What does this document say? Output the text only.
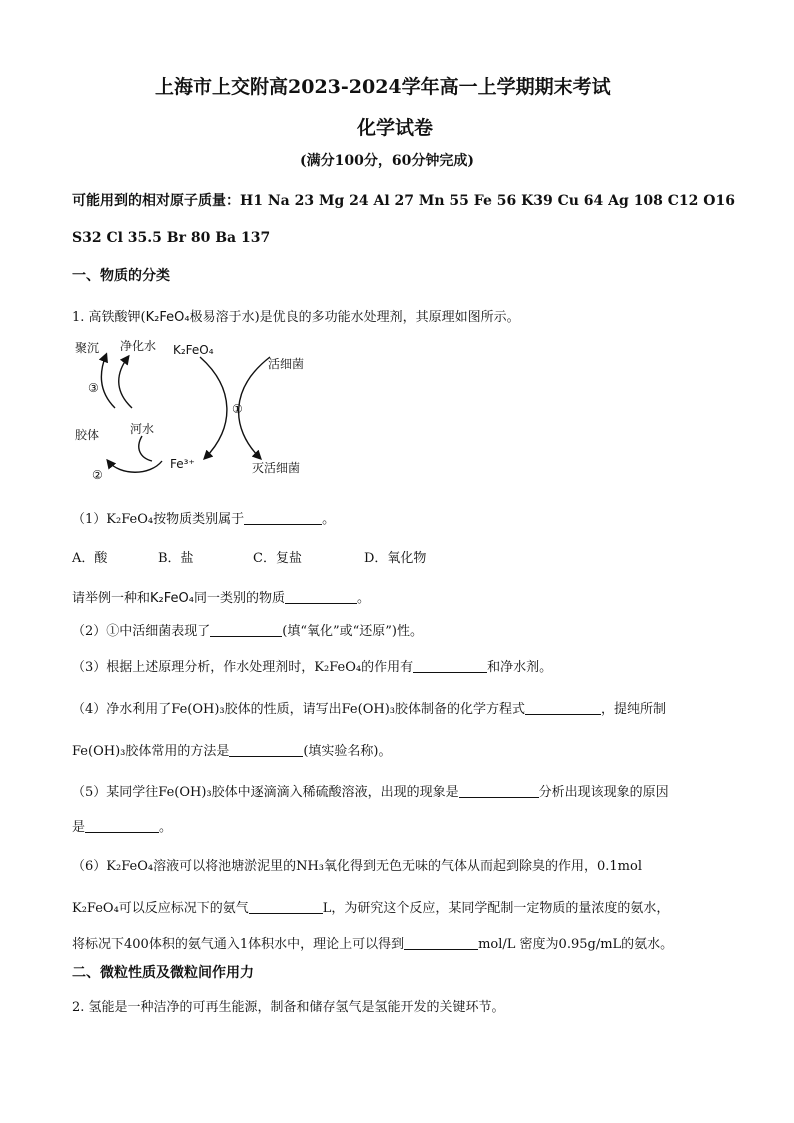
上海市上交附高2023-2024学年高一上学期期末考试
化学试卷
(满分100分，60分钟完成)
可能用到的相对原子质量：H1 Na 23 Mg 24 Al 27 Mn 55 Fe 56 K39 Cu 64 Ag 108 C12 O16
S32 Cl 35.5 Br 80 Ba 137
一、物质的分类
1. 高铁酸钾(K₂FeO₄极易溶于水)是优良的多功能水处理剂，其原理如图所示。
聚沉 净化水
③
胶体	河水
②
K₂FeO₄
活细菌
①
Fe³⁺	灭活细菌
（1）K₂FeO₄按物质类别属于	。
A．酸	B．盐	C．复盐	D．氧化物
请举例一种和K₂FeO₄同一类别的物质	。
（2）①中活细菌表现了	(填“氧化”或“还原”)性。
（3）根据上述原理分析，作水处理剂时，K₂FeO₄的作用有	和净水剂。
（4）净水利用了Fe(OH)₃胶体的性质，请写出Fe(OH)₃胶体制备的化学方程式	，提纯所制
Fe(OH)₃胶体常用的方法是	(填实验名称)。
（5）某同学往Fe(OH)₃胶体中逐滴滴入稀硫酸溶液，出现的现象是	分析出现该现象的原因
是	。
（6）K₂FeO₄溶液可以将池塘淤泥里的NH₃氧化得到无色无味的气体从而起到除臭的作用，0.1mol
K₂FeO₄可以反应标况下的氨气	L，为研究这个反应，某同学配制一定物质的量浓度的氨水，
将标况下400体积的氨气通入1体积水中，理论上可以得到	mol/L 密度为0.95g/mL的氨水。
二、微粒性质及微粒间作用力
2. 氢能是一种洁净的可再生能源，制备和储存氢气是氢能开发的关键环节。
